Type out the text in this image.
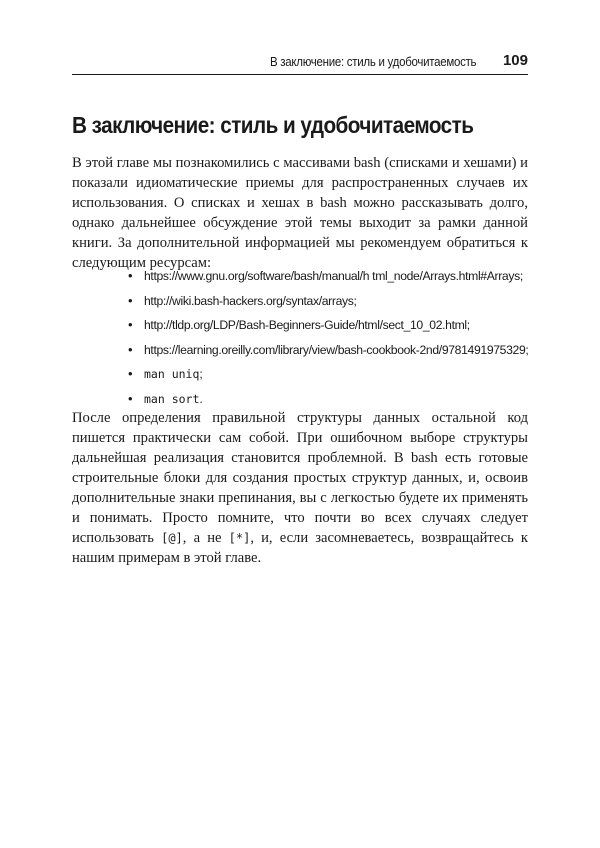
В заключение: стиль и удобочитаемость 109
В заключение: стиль и удобочитаемость

В этой главе мы познакомились с массивами bash (списками и хешами) и показали идиоматические приемы для распространенных случаев их использования. О списках и хешах в bash можно рассказывать долго, однако дальнейшее обсуждение этой темы выходит за рамки данной книги. За дополнительной информацией мы рекомендуем обратиться к следующим ресурсам:

• https://www.gnu.org/software/bash/manual/h tml_node/Arrays.html#Arrays;
• http://wiki.bash-hackers.org/syntax/arrays;
• http://tldp.org/LDP/Bash-Beginners-Guide/html/sect_10_02.html;
• https://learning.oreilly.com/library/view/bash-cookbook-2nd/9781491975329;
• man uniq;
• man sort.

После определения правильной структуры данных остальной код пишется практически сам собой. При ошибочном выборе структуры дальнейшая реализация становится проблемной. В bash есть готовые строительные блоки для создания простых структур данных, и, освоив дополнительные знаки препинания, вы с легкостью будете их применять и понимать. Просто помните, что почти во всех случаях следует использовать [@], а не [*], и, если засомневаетесь, возвращайтесь к нашим примерам в этой главе.
